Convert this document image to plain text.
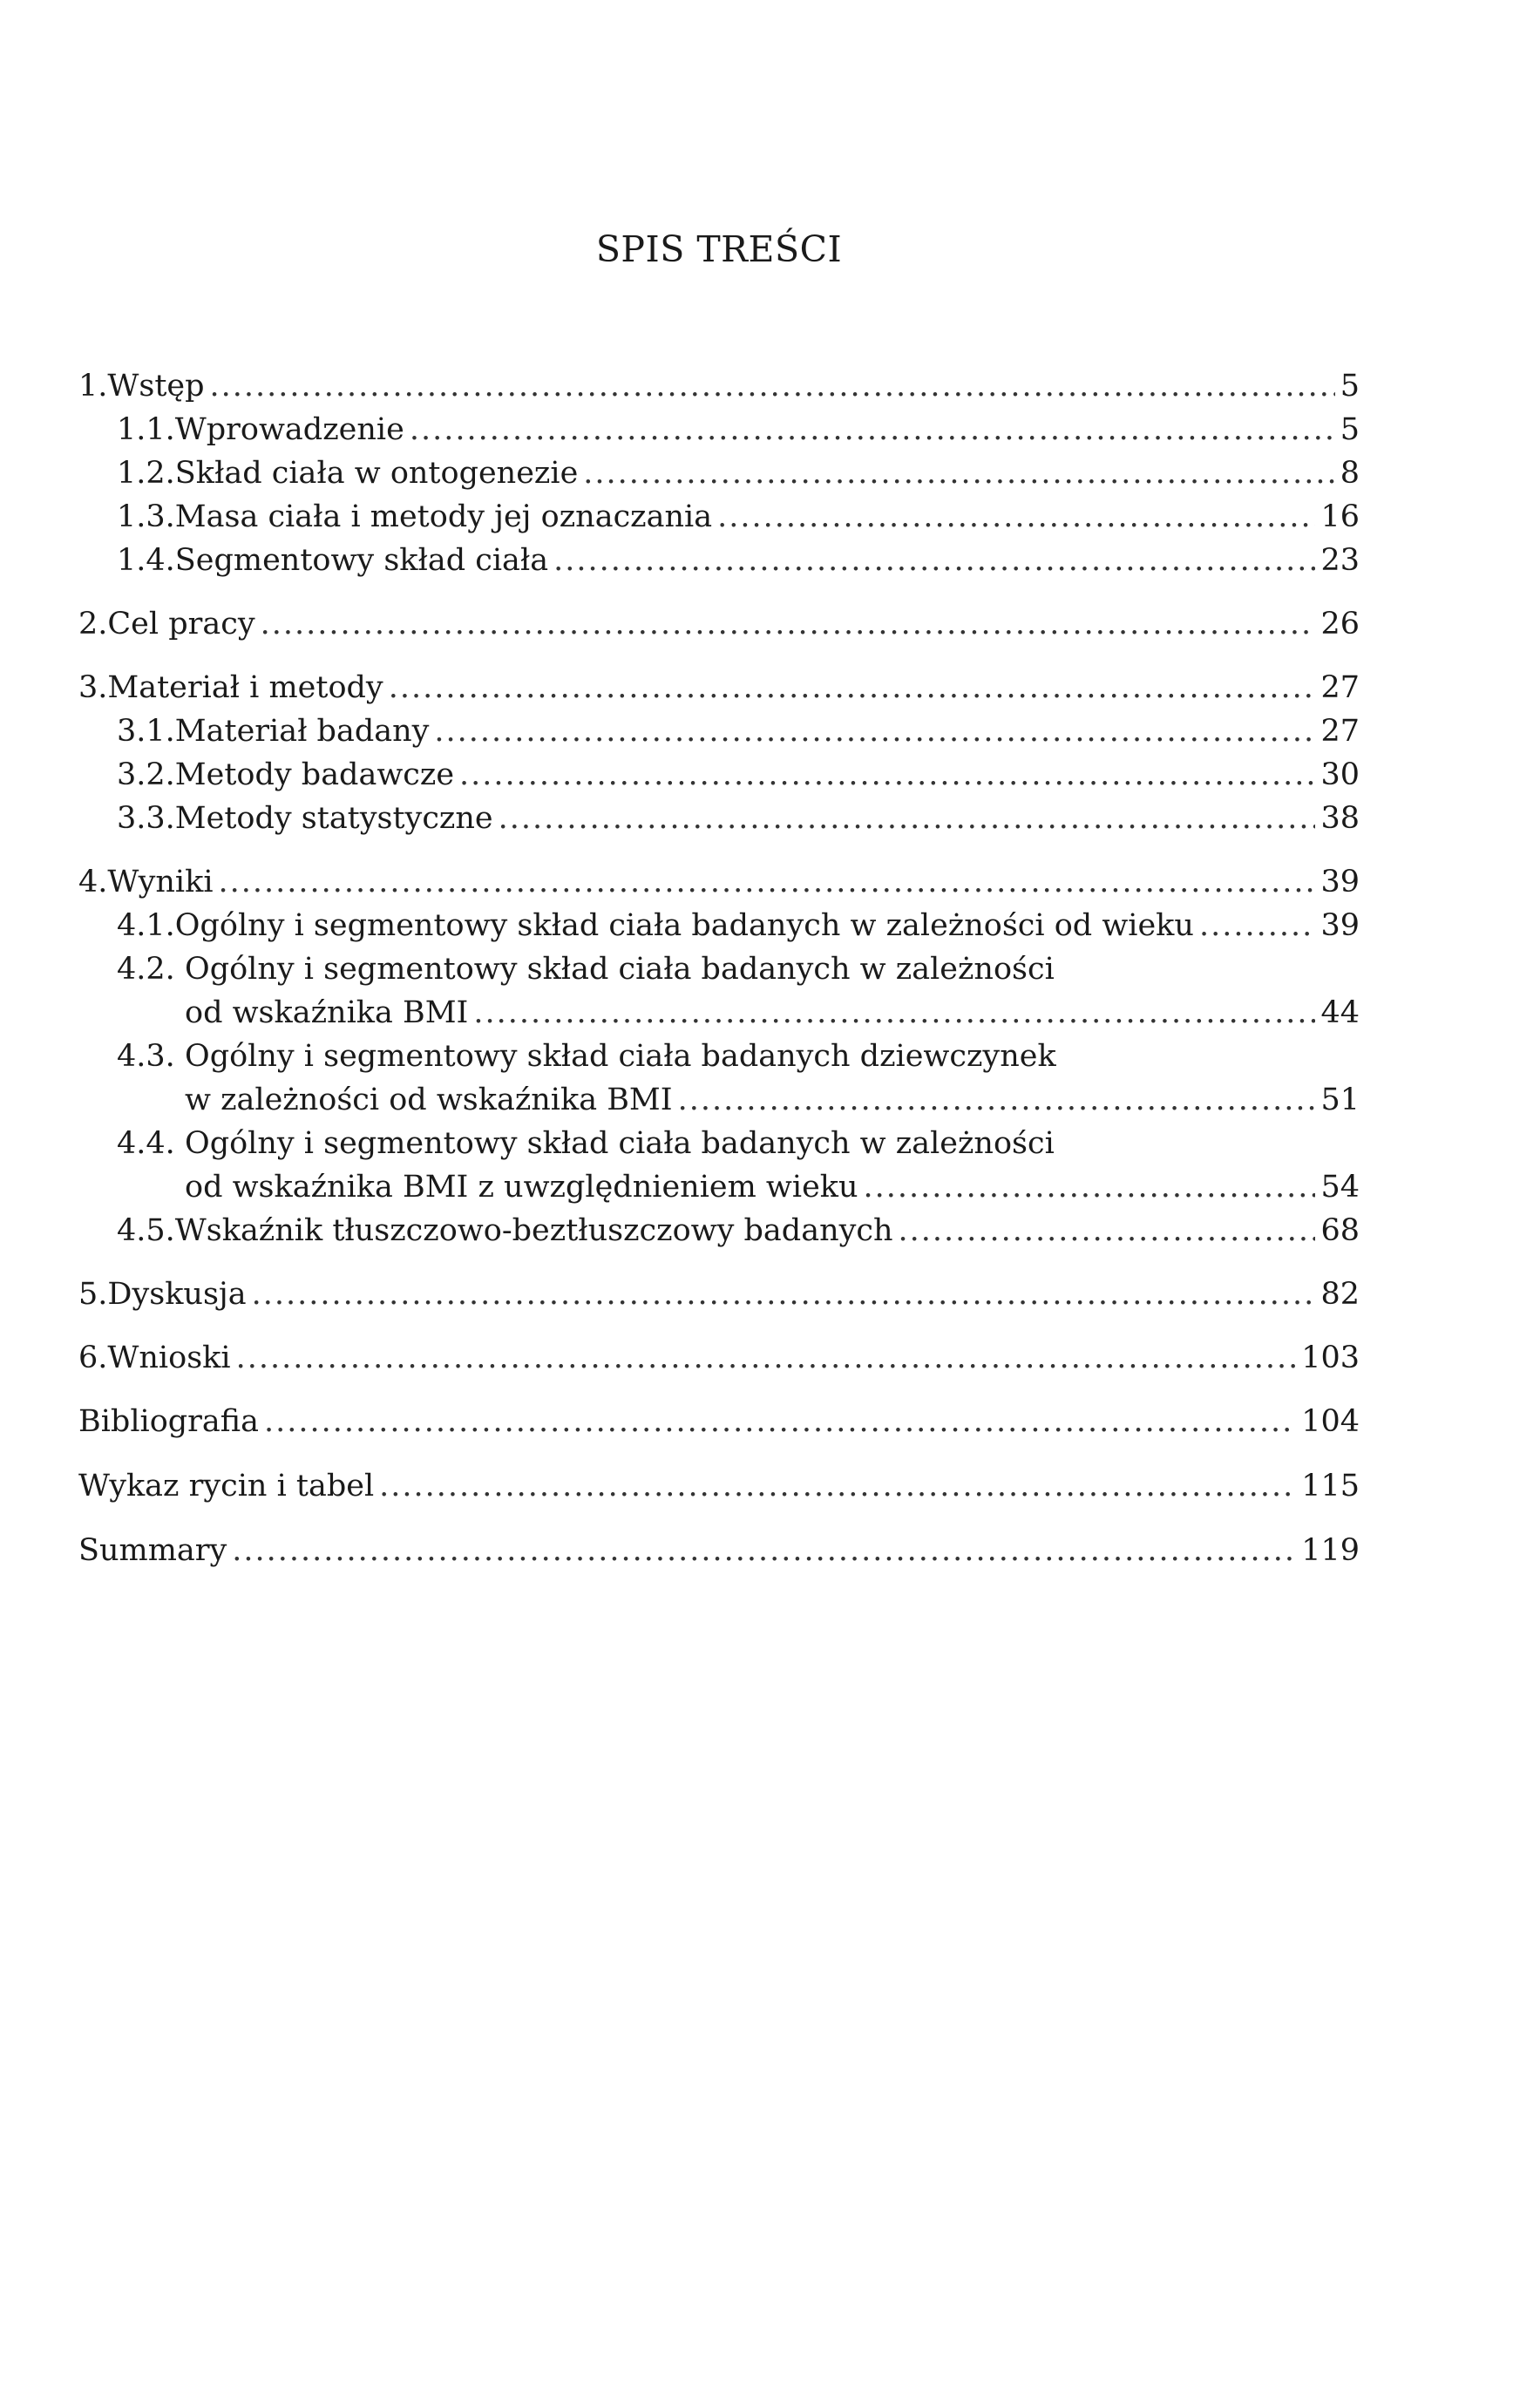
SPIS TREŚCI
1. Wstęp .....	5
1.1. Wprowadzenie .....	5
1.2. Skład ciała w ontogenezie .....	8
1.3. Masa ciała i metody jej oznaczania .....	16
1.4. Segmentowy skład ciała .....	23
2. Cel pracy .....	26
3. Materiał i metody .....	27
3.1. Materiał badany .....	27
3.2. Metody badawcze .....	30
3.3. Metody statystyczne .....	38
4. Wyniki .....	39
4.1. Ogólny i segmentowy skład ciała badanych w zależności od wieku .....	39
4.2. Ogólny i segmentowy skład ciała badanych w zależności
od wskaźnika BMI .....	44
4.3. Ogólny i segmentowy skład ciała badanych dziewczynek
w zależności od wskaźnika BMI .....	51
4.4. Ogólny i segmentowy skład ciała badanych w zależności
od wskaźnika BMI z uwzględnieniem wieku .....	54
4.5. Wskaźnik tłuszczowo-beztłuszczowy badanych .....	68
5. Dyskusja .....	82
6. Wnioski .....	103
Bibliografia .....	104
Wykaz rycin i tabel .....	115
Summary .....	119
